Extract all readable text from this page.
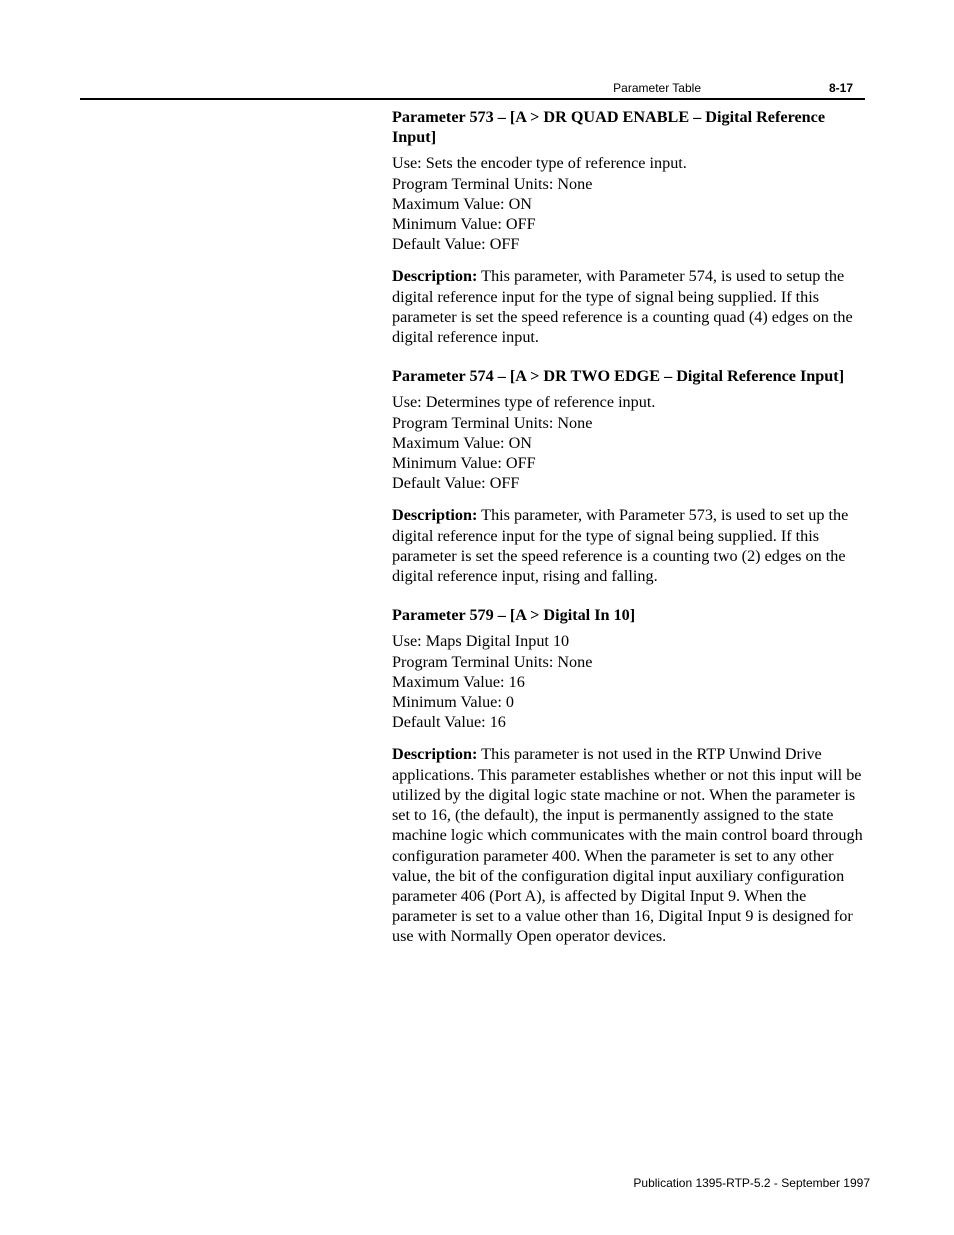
Parameter Table	8-17

Parameter 573 – [A > DR QUAD ENABLE – Digital Reference Input]

Use: Sets the encoder type of reference input.

Program Terminal Units: None

Maximum Value: ON

Minimum Value: OFF

Default Value: OFF

Description: This parameter, with Parameter 574, is used to setup the digital reference input for the type of signal being supplied. If this parameter is set the speed reference is a counting quad (4) edges on the digital reference input.

Parameter 574 – [A > DR TWO EDGE – Digital Reference Input]

Use: Determines type of reference input.

Program Terminal Units: None

Maximum Value: ON

Minimum Value: OFF

Default Value: OFF

Description: This parameter, with Parameter 573, is used to set up the digital reference input for the type of signal being supplied. If this parameter is set the speed reference is a counting two (2) edges on the digital reference input, rising and falling.

Parameter 579 – [A > Digital In 10]

Use: Maps Digital Input 10

Program Terminal Units: None

Maximum Value: 16

Minimum Value: 0

Default Value: 16

Description: This parameter is not used in the RTP Unwind Drive applications. This parameter establishes whether or not this input will be utilized by the digital logic state machine or not. When the parameter is set to 16, (the default), the input is permanently assigned to the state machine logic which communicates with the main control board through configuration parameter 400. When the parameter is set to any other value, the bit of the configuration digital input auxiliary configuration parameter 406 (Port A), is affected by Digital Input 9. When the parameter is set to a value other than 16, Digital Input 9 is designed for use with Normally Open operator devices.

Publication 1395-RTP-5.2 - September 1997
